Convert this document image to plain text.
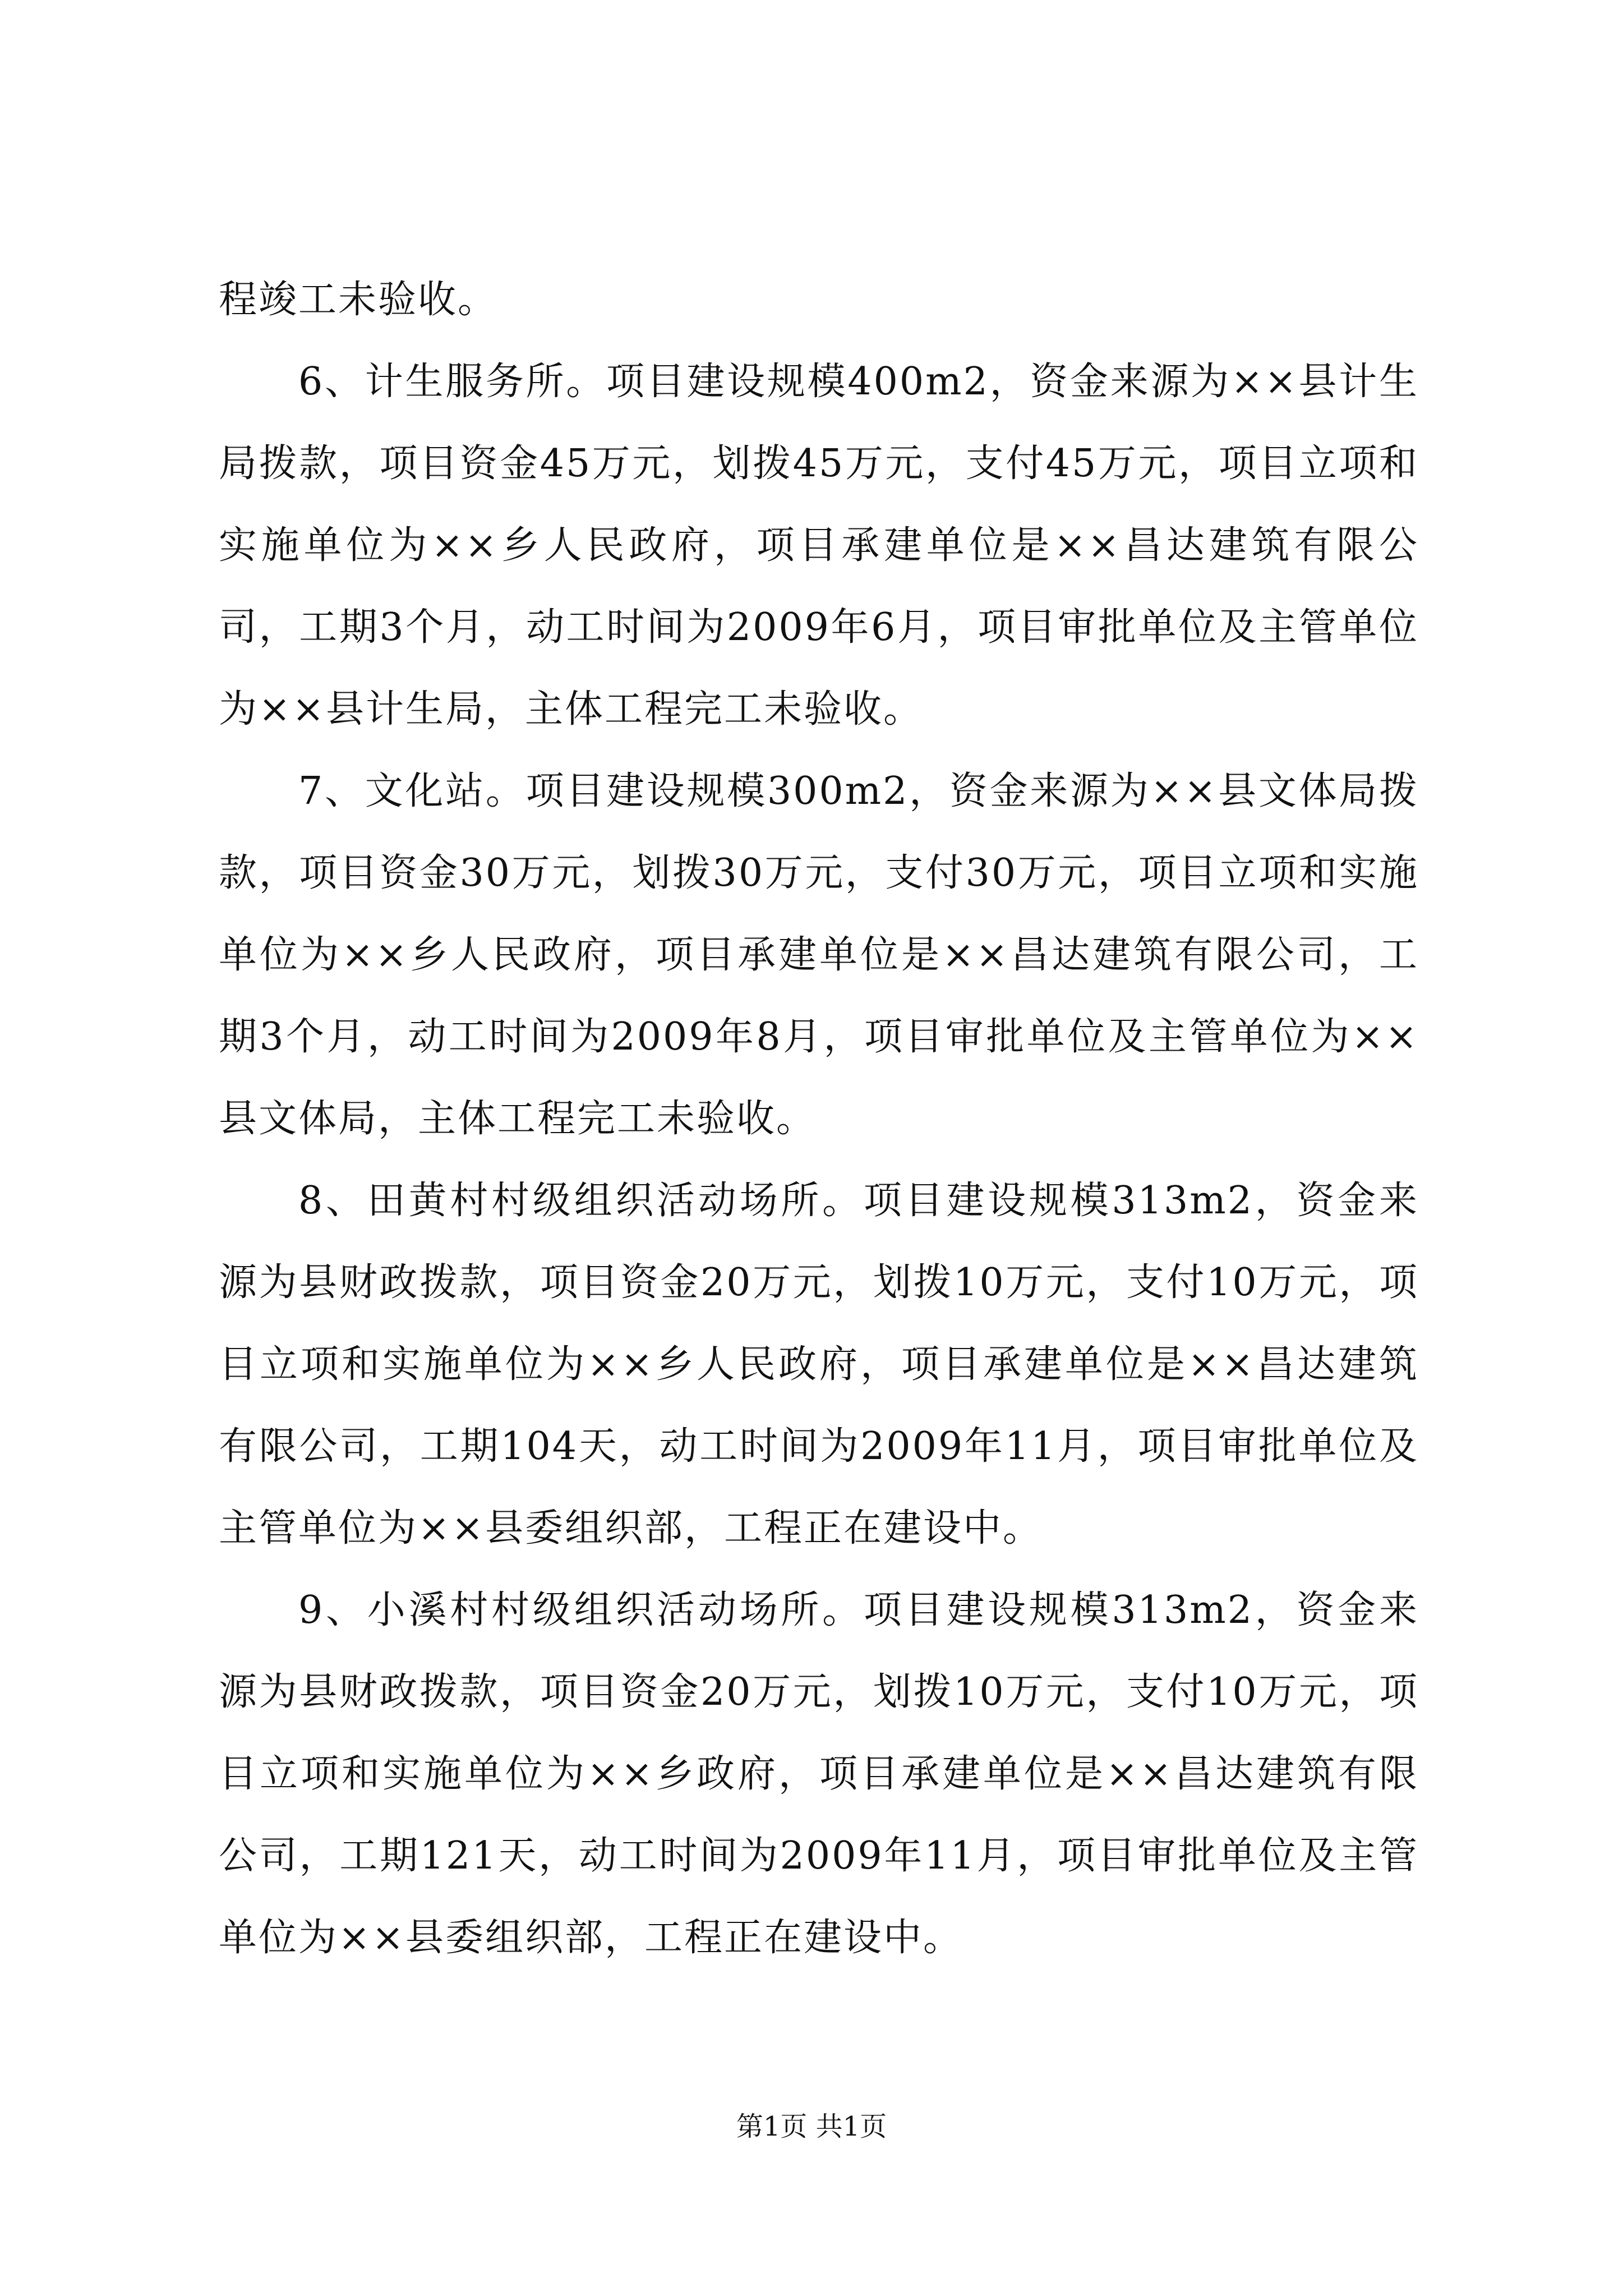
程竣工未验收。

6、计生服务所。项目建设规模400m2，资金来源为××县计生局拨款，项目资金45万元，划拨45万元，支付45万元，项目立项和实施单位为××乡人民政府，项目承建单位是××昌达建筑有限公司，工期3个月，动工时间为2009年6月，项目审批单位及主管单位为××县计生局，主体工程完工未验收。

7、文化站。项目建设规模300m2，资金来源为××县文体局拨款，项目资金30万元，划拨30万元，支付30万元，项目立项和实施单位为××乡人民政府，项目承建单位是××昌达建筑有限公司，工期3个月，动工时间为2009年8月，项目审批单位及主管单位为××县文体局，主体工程完工未验收。

8、田黄村村级组织活动场所。项目建设规模313m2，资金来源为县财政拨款，项目资金20万元，划拨10万元，支付10万元，项目立项和实施单位为××乡人民政府，项目承建单位是××昌达建筑有限公司，工期104天，动工时间为2009年11月，项目审批单位及主管单位为××县委组织部，工程正在建设中。

9、小溪村村级组织活动场所。项目建设规模313m2，资金来源为县财政拨款，项目资金20万元，划拨10万元，支付10万元，项目立项和实施单位为××乡政府，项目承建单位是××昌达建筑有限公司，工期121天，动工时间为2009年11月，项目审批单位及主管单位为××县委组织部，工程正在建设中。

第1页 共1页
